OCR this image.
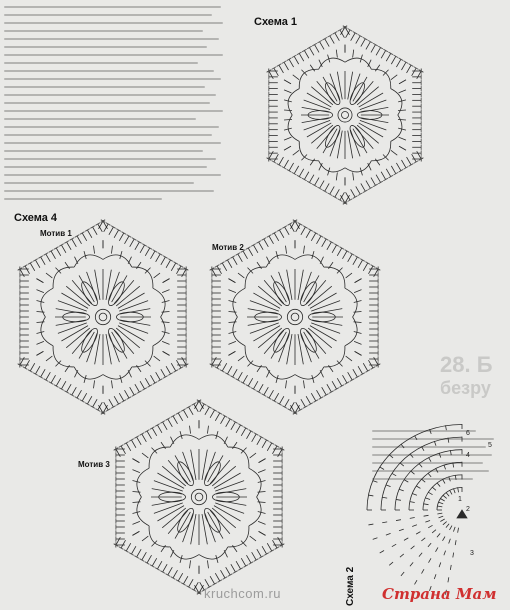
28. Б
безру
Схема 1
Схема 4
Мотив 1
Мотив 2
Мотив 3
Схема 2
6
5
4
3
2
1
kruchcom.ru	Страна Мам
